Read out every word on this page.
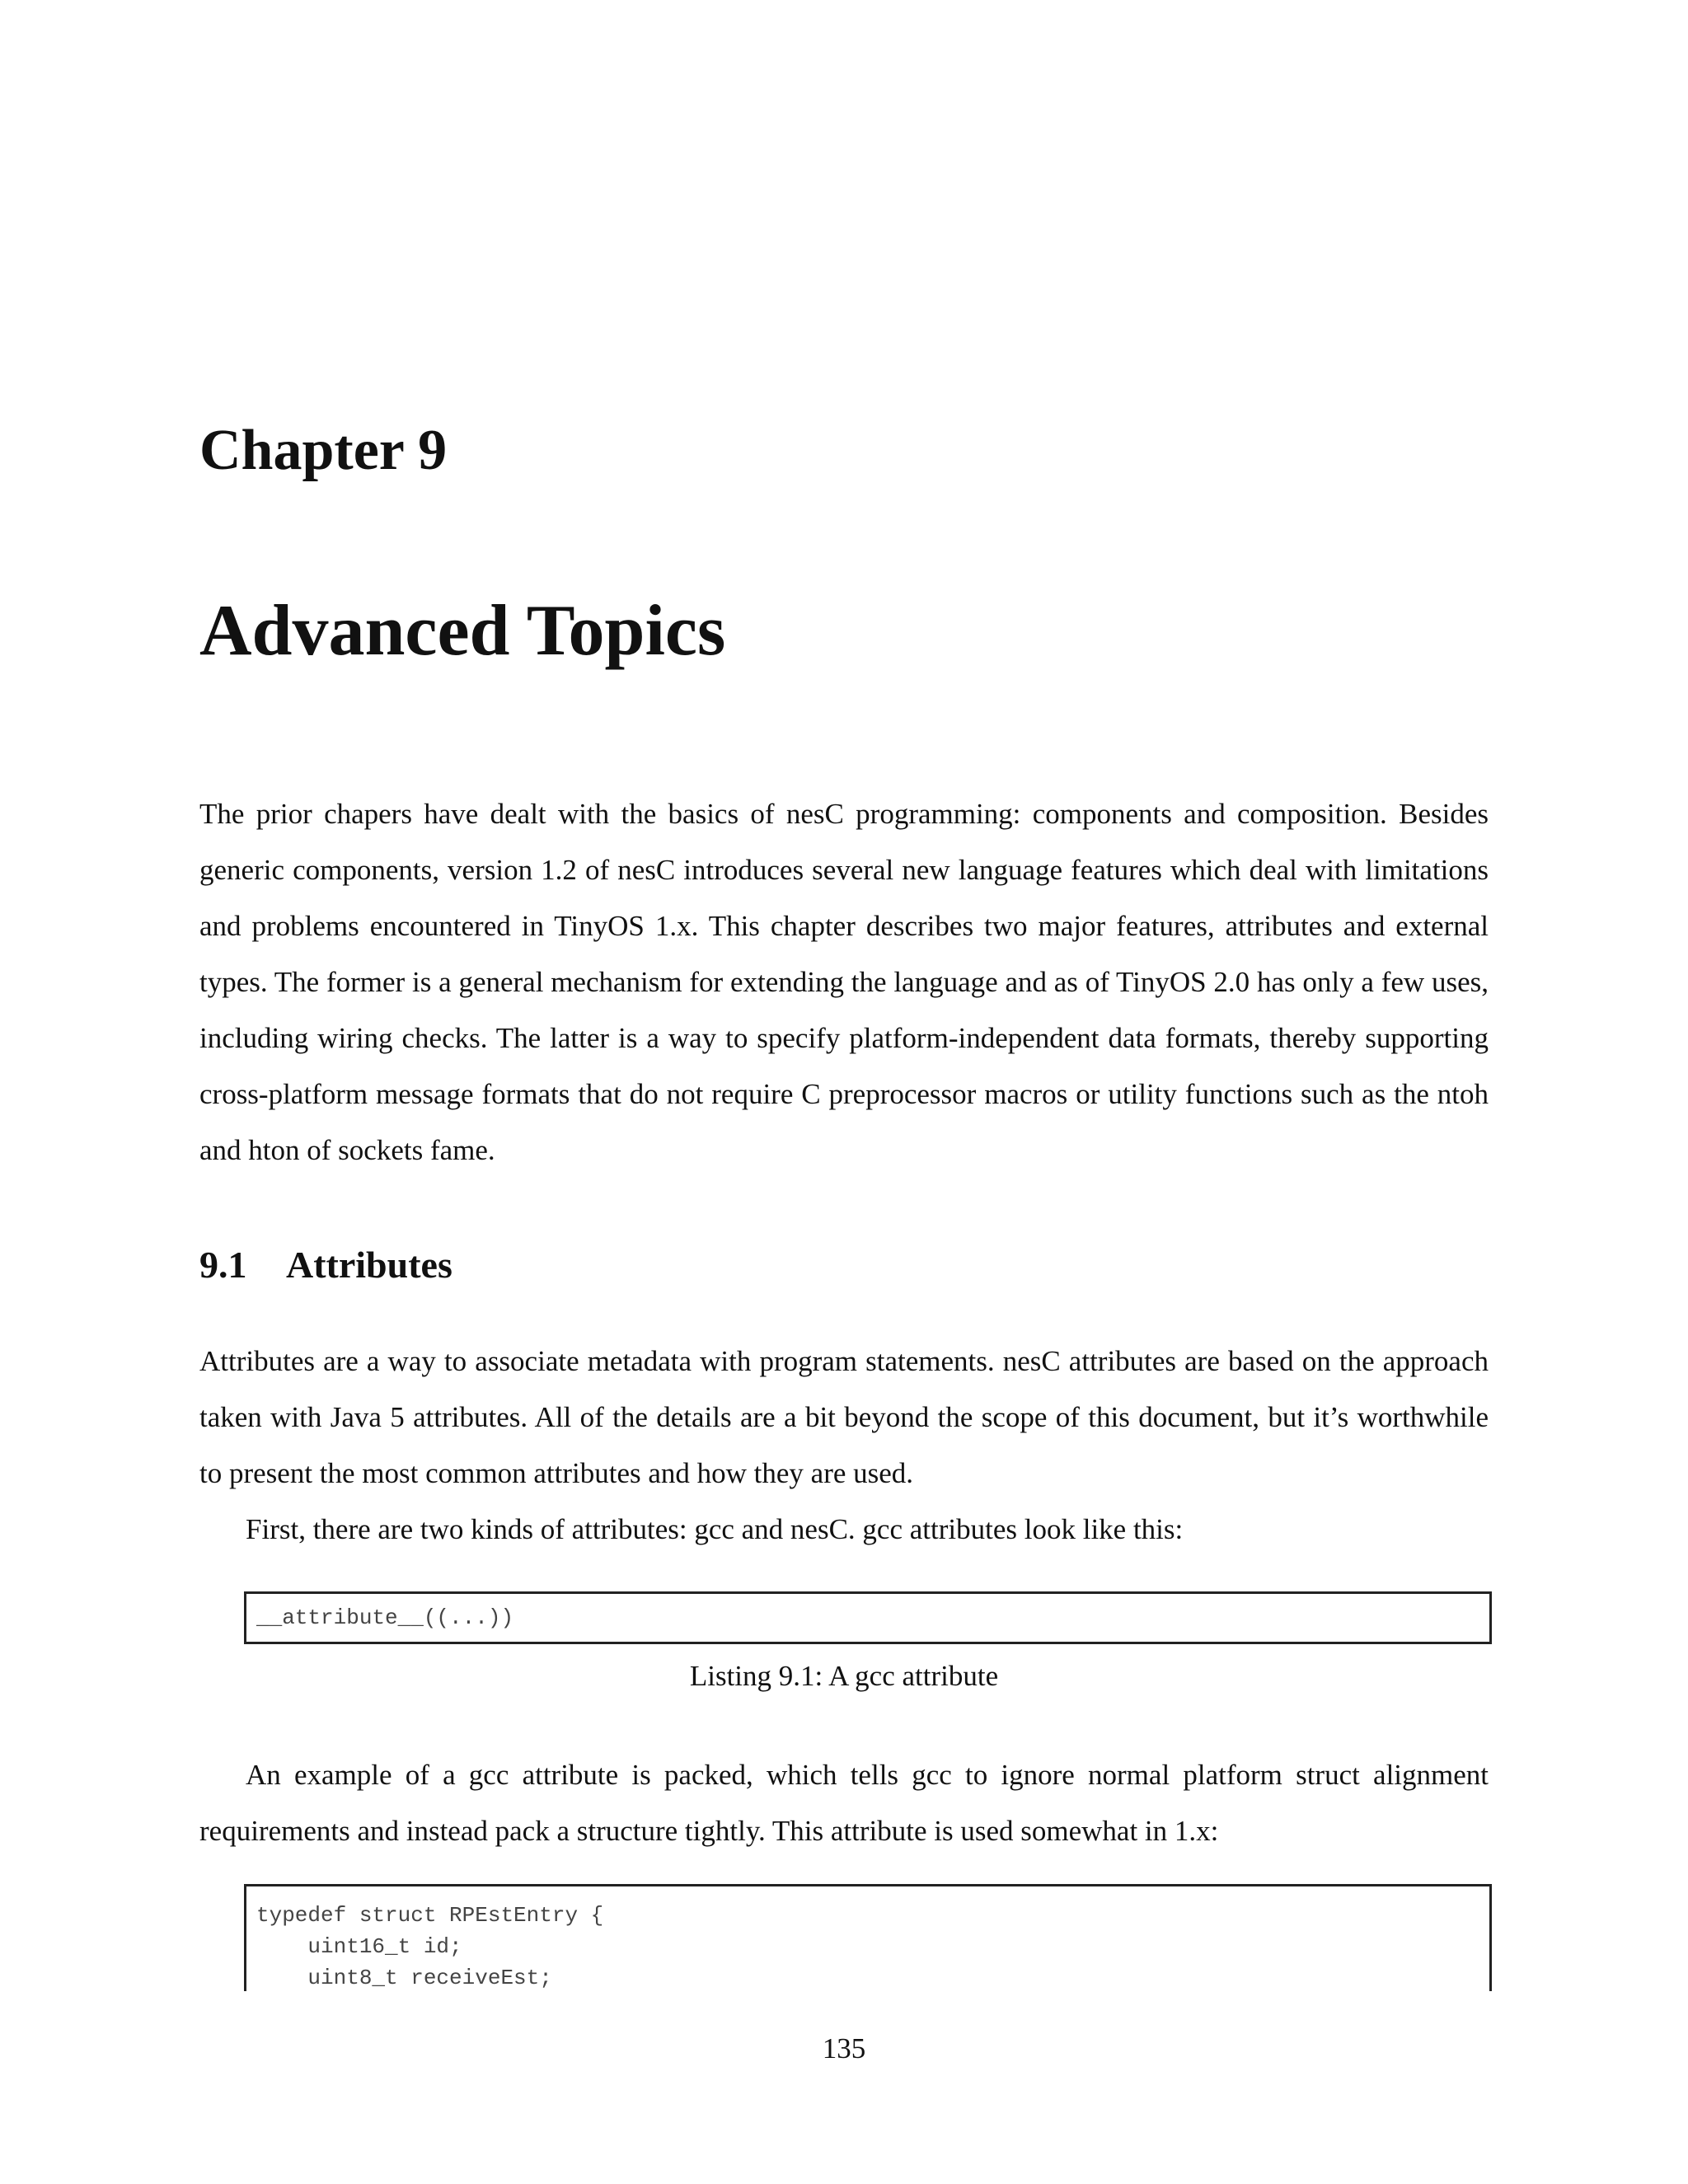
Chapter 9
Advanced Topics

The prior chapers have dealt with the basics of nesC programming: components and composition. Besides generic components, version 1.2 of nesC introduces several new language features which deal with limitations and problems encountered in TinyOS 1.x. This chapter describes two major features, attributes and external types. The former is a general mechanism for extending the language and as of TinyOS 2.0 has only a few uses, including wiring checks. The latter is a way to specify platform-independent data formats, thereby supporting cross-platform message formats that do not require C preprocessor macros or utility functions such as the ntoh and hton of sockets fame.

9.1	Attributes

Attributes are a way to associate metadata with program statements. nesC attributes are based on the approach taken with Java 5 attributes. All of the details are a bit beyond the scope of this document, but it’s worthwhile to present the most common attributes and how they are used.

First, there are two kinds of attributes: gcc and nesC. gcc attributes look like this:

__attribute__((...))

Listing 9.1: A gcc attribute

An example of a gcc attribute is packed, which tells gcc to ignore normal platform struct alignment requirements and instead pack a structure tightly. This attribute is used somewhat in 1.x:

typedef struct RPEstEntry {
uint16_t id;
uint8_t receiveEst;

135
